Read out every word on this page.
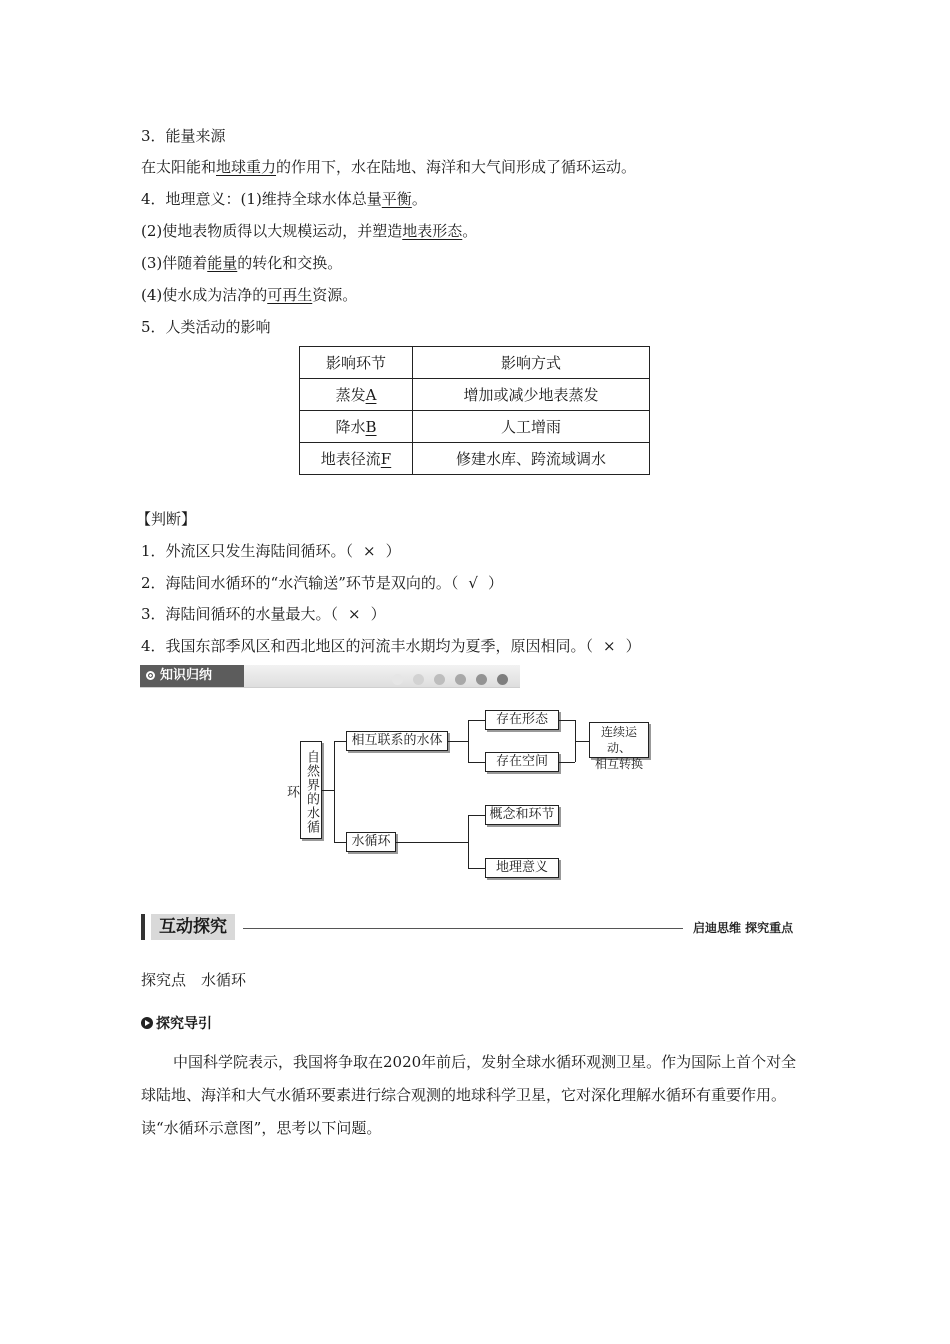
3．能量来源
在太阳能和地球重力的作用下，水在陆地、海洋和大气间形成了循环运动。
4．地理意义：(1)维持全球水体总量平衡。
(2)使地表物质得以大规模运动，并塑造地表形态。
(3)伴随着能量的转化和交换。
(4)使水成为洁净的可再生资源。
5．人类活动的影响
影响环节	影响方式
蒸发A	增加或减少地表蒸发
降水B	人工增雨
地表径流F	修建水库、跨流域调水
【判断】
1．外流区只发生海陆间循环。（ × ）
2．海陆间水循环的“水汽输送”环节是双向的。（ √ ）
3．海陆间循环的水量最大。（ × ）
4．我国东部季风区和西北地区的河流丰水期均为夏季，原因相同。（ × ）
知识归纳
自然界的水循环
相互联系的水体
存在形态
存在空间
连续运动、
相互转换
水循环
概念和环节
地理意义
互动探究	启迪思维 探究重点
探究点　水循环
探究导引
中国科学院表示，我国将争取在2020年前后，发射全球水循环观测卫星。作为国际上首个对全球陆地、海洋和大气水循环要素进行综合观测的地球科学卫星，它对深化理解水循环有重要作用。读“水循环示意图”，思考以下问题。
